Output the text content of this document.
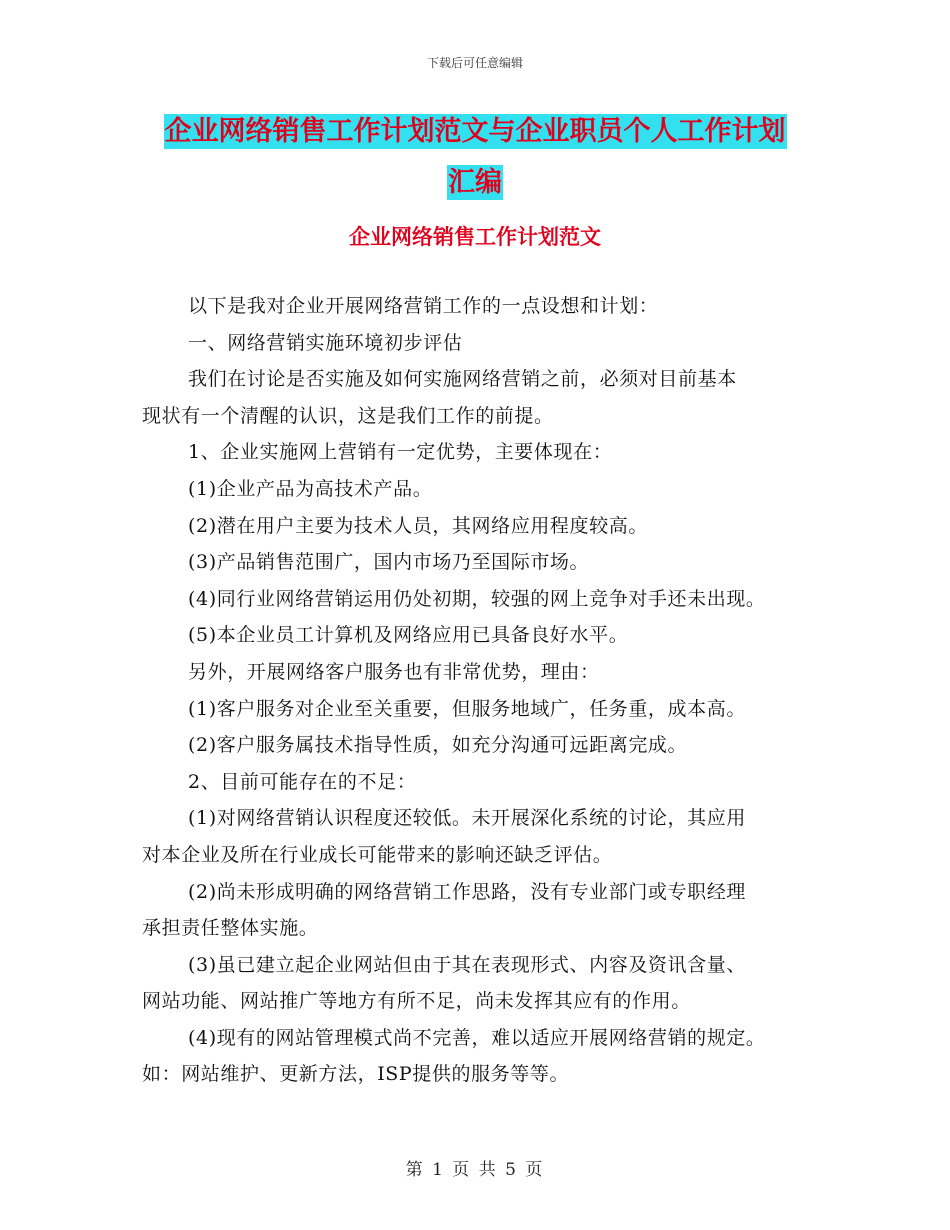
下载后可任意编辑
企业网络销售工作计划范文与企业职员个人工作计划
汇编
企业网络销售工作计划范文

以下是我对企业开展网络营销工作的一点设想和计划：

一、网络营销实施环境初步评估

我们在讨论是否实施及如何实施网络营销之前，必须对目前基本
现状有一个清醒的认识，这是我们工作的前提。

1、企业实施网上营销有一定优势，主要体现在：

(1)企业产品为高技术产品。

(2)潜在用户主要为技术人员，其网络应用程度较高。

(3)产品销售范围广，国内市场乃至国际市场。

(4)同行业网络营销运用仍处初期，较强的网上竞争对手还未出现。

(5)本企业员工计算机及网络应用已具备良好水平。

另外，开展网络客户服务也有非常优势，理由：

(1)客户服务对企业至关重要，但服务地域广，任务重，成本高。

(2)客户服务属技术指导性质，如充分沟通可远距离完成。

2、目前可能存在的不足：

(1)对网络营销认识程度还较低。未开展深化系统的讨论，其应用
对本企业及所在行业成长可能带来的影响还缺乏评估。

(2)尚未形成明确的网络营销工作思路，没有专业部门或专职经理
承担责任整体实施。

(3)虽已建立起企业网站但由于其在表现形式、内容及资讯含量、
网站功能、网站推广等地方有所不足，尚未发挥其应有的作用。

(4)现有的网站管理模式尚不完善，难以适应开展网络营销的规定。
如：网站维护、更新方法，ISP提供的服务等等。

第 1 页 共 5 页
